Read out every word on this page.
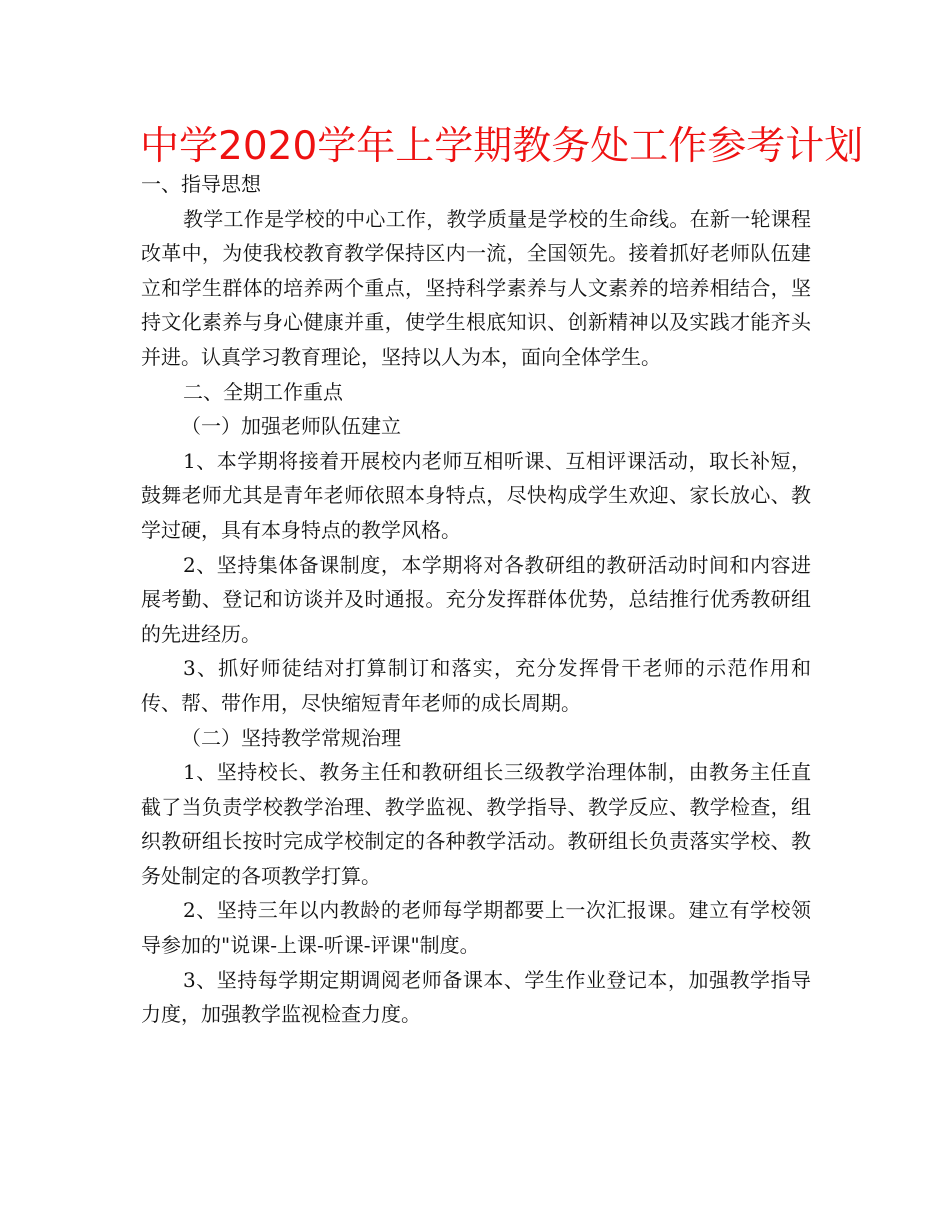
中学2020学年上学期教务处工作参考计划

一、指导思想

教学工作是学校的中心工作，教学质量是学校的生命线。在新一轮课程改革中，为使我校教育教学保持区内一流，全国领先。接着抓好老师队伍建立和学生群体的培养两个重点，坚持科学素养与人文素养的培养相结合，坚持文化素养与身心健康并重，使学生根底知识、创新精神以及实践才能齐头并进。认真学习教育理论，坚持以人为本，面向全体学生。

二、全期工作重点

（一）加强老师队伍建立

1、本学期将接着开展校内老师互相听课、互相评课活动，取长补短，鼓舞老师尤其是青年老师依照本身特点，尽快构成学生欢迎、家长放心、教学过硬，具有本身特点的教学风格。

2、坚持集体备课制度，本学期将对各教研组的教研活动时间和内容进展考勤、登记和访谈并及时通报。充分发挥群体优势，总结推行优秀教研组的先进经历。

3、抓好师徒结对打算制订和落实，充分发挥骨干老师的示范作用和传、帮、带作用，尽快缩短青年老师的成长周期。

（二）坚持教学常规治理

1、坚持校长、教务主任和教研组长三级教学治理体制，由教务主任直截了当负责学校教学治理、教学监视、教学指导、教学反应、教学检查，组织教研组长按时完成学校制定的各种教学活动。教研组长负责落实学校、教务处制定的各项教学打算。

2、坚持三年以内教龄的老师每学期都要上一次汇报课。建立有学校领导参加的"说课-上课-听课-评课"制度。

3、坚持每学期定期调阅老师备课本、学生作业登记本，加强教学指导力度，加强教学监视检查力度。
